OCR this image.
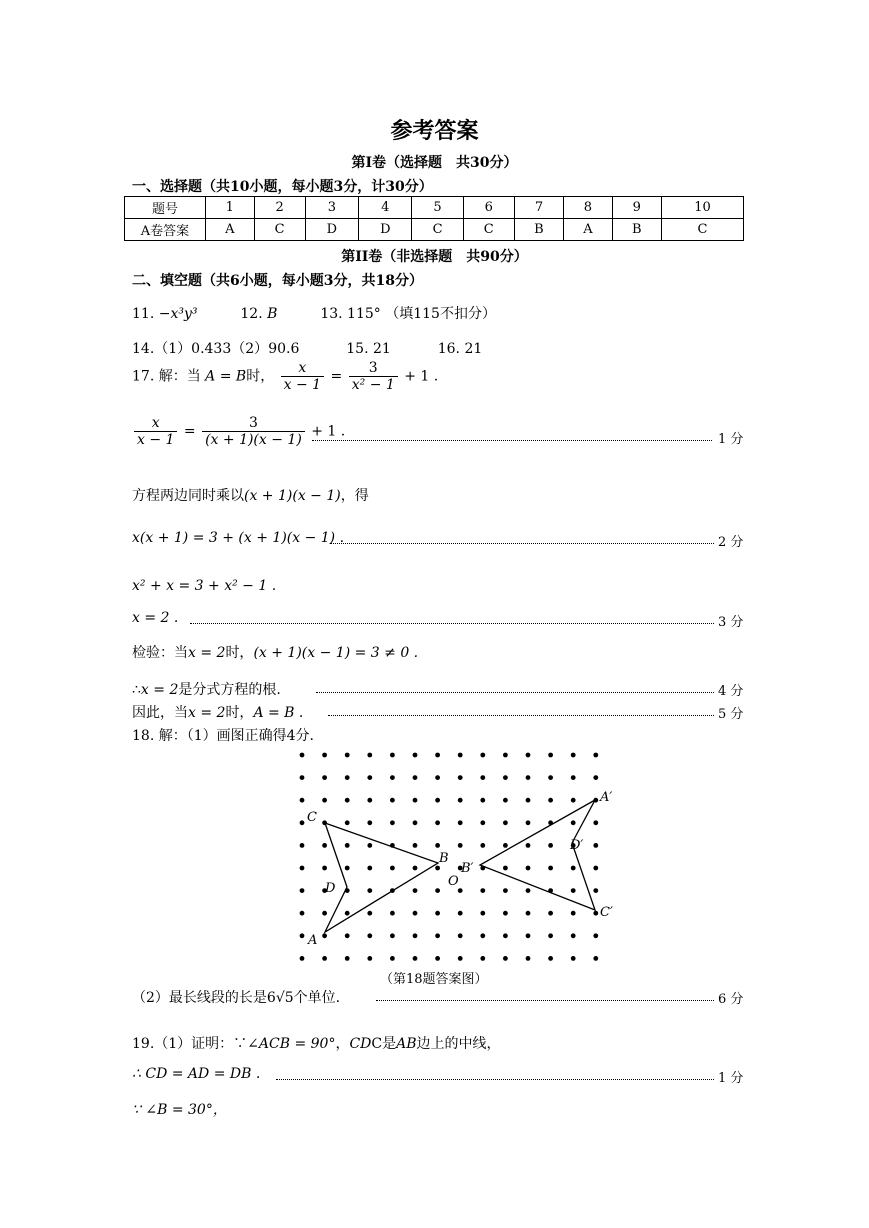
参考答案
第Ⅰ卷（选择题　共30分）
一、选择题（共10小题，每小题3分，计30分）
题号	1	2	3	4	5	6	7	8	9	10
A卷答案	A	C	D	D	C	C	B	A	B	C
第II卷（非选择题　共90分）
二、填空题（共6小题，每小题3分，共18分）
11. −x³y³	12. B	13. 115° （填115不扣分）
14.（1）0.433（2）90.6	15. 21	16. 21
17. 解：当 A = B时， $\frac{x}{x - 1} = \frac{3}{\text{x² − 1}} + 1$ .
$\frac{x}{x - 1} = \frac{3}{(x + 1)(x - 1)} + 1$ .	1 分
方程两边同时乘以(x + 1)(x − 1)，得
x(x + 1) = 3 + (x + 1)(x − 1) .	2 分
x² + x = 3 + x² − 1 .
x = 2 .	3 分
检验：当x = 2时，(x + 1)(x − 1) = 3 ≠ 0 .
∴x = 2是分式方程的根.	4 分
因此，当x = 2时，A = B .	5 分
18. 解：（1）画图正确得4分.
C
B
D
A
O
B′
A′
D′
C′
（第18题答案图）
（2）最长线段的长是6√5个单位.	6 分
19.（1）证明：∵∠ACB = 90°，CDC是AB边上的中线，
∴ CD = AD = DB .	1 分
∵ ∠B = 30°，
